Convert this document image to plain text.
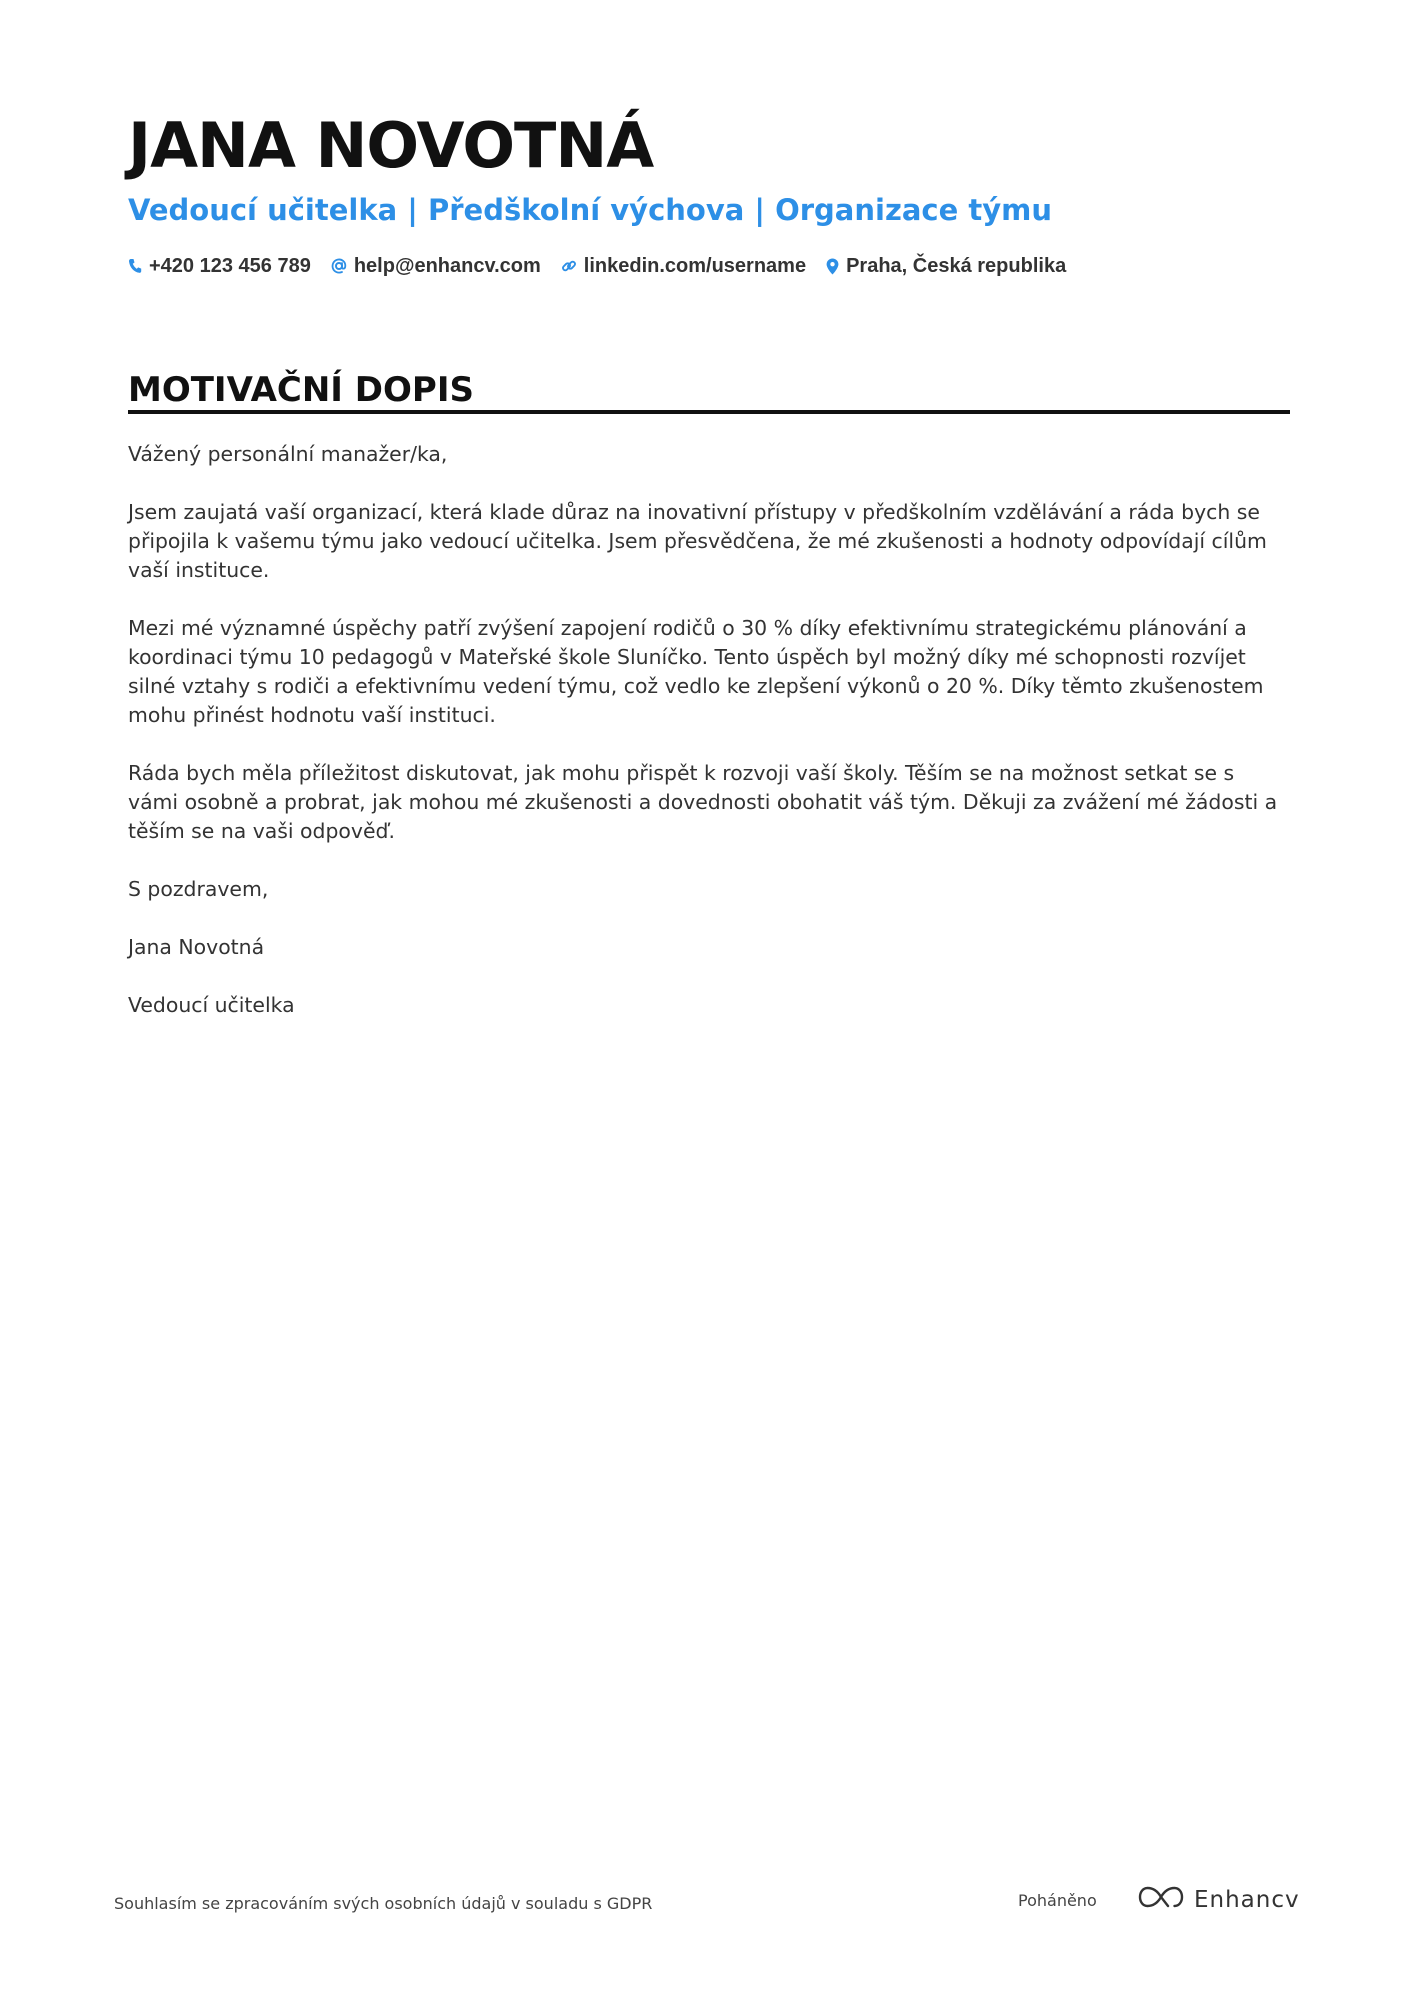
JANA NOVOTNÁ
Vedoucí učitelka | Předškolní výchova | Organizace týmu
+420 123 456 789 help@enhancv.com linkedin.com/username Praha, Česká republika
MOTIVAČNÍ DOPIS

Vážený personální manažer/ka,

Jsem zaujatá vaší organizací, která klade důraz na inovativní přístupy v předškolním vzdělávání a ráda bych se připojila k vašemu týmu jako vedoucí učitelka. Jsem přesvědčena, že mé zkušenosti a hodnoty odpovídají cílům vaší instituce.

Mezi mé významné úspěchy patří zvýšení zapojení rodičů o 30 % díky efektivnímu strategickému plánování a koordinaci týmu 10 pedagogů v Mateřské škole Sluníčko. Tento úspěch byl možný díky mé schopnosti rozvíjet silné vztahy s rodiči a efektivnímu vedení týmu, což vedlo ke zlepšení výkonů o 20 %. Díky těmto zkušenostem mohu přinést hodnotu vaší instituci.

Ráda bych měla příležitost diskutovat, jak mohu přispět k rozvoji vaší školy. Těším se na možnost setkat se s vámi osobně a probrat, jak mohou mé zkušenosti a dovednosti obohatit váš tým. Děkuji za zvážení mé žádosti a těším se na vaši odpověď.

S pozdravem,

Jana Novotná

Vedoucí učitelka

Souhlasím se zpracováním svých osobních údajů v souladu s GDPR	Poháněno	Enhancv
